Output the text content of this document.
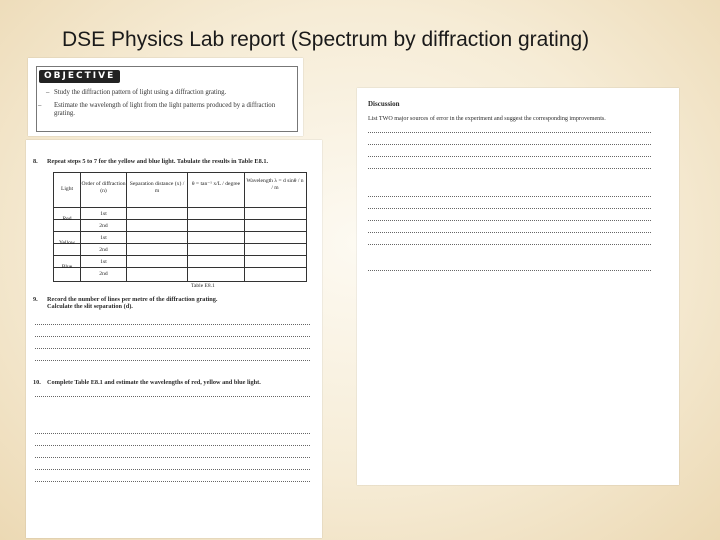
DSE Physics Lab report (Spectrum by diffraction grating)
OBJECTIVE
– Study the diffraction pattern of light using a diffraction grating.
– Estimate the wavelength of light from the light patterns produced by a diffraction grating.
8. Repeat steps 5 to 7 for the yellow and blue light. Tabulate the results in Table E8.1.
Light
Order of diffraction (n)
Separation distance (x) / m
θ = tan⁻¹ x/L / degree	Wavelength λ = d sinθ / n / m
Red
Yellow
Blue
1st
2nd
1st
2nd
1st
2nd
Table E8.1
9. Record the number of lines per metre of the diffraction grating.
Calculate the slit separation (d).
10. Complete Table E8.1 and estimate the wavelengths of red, yellow and blue light.
Discussion
List TWO major sources of error in the experiment and suggest the corresponding improvements.
